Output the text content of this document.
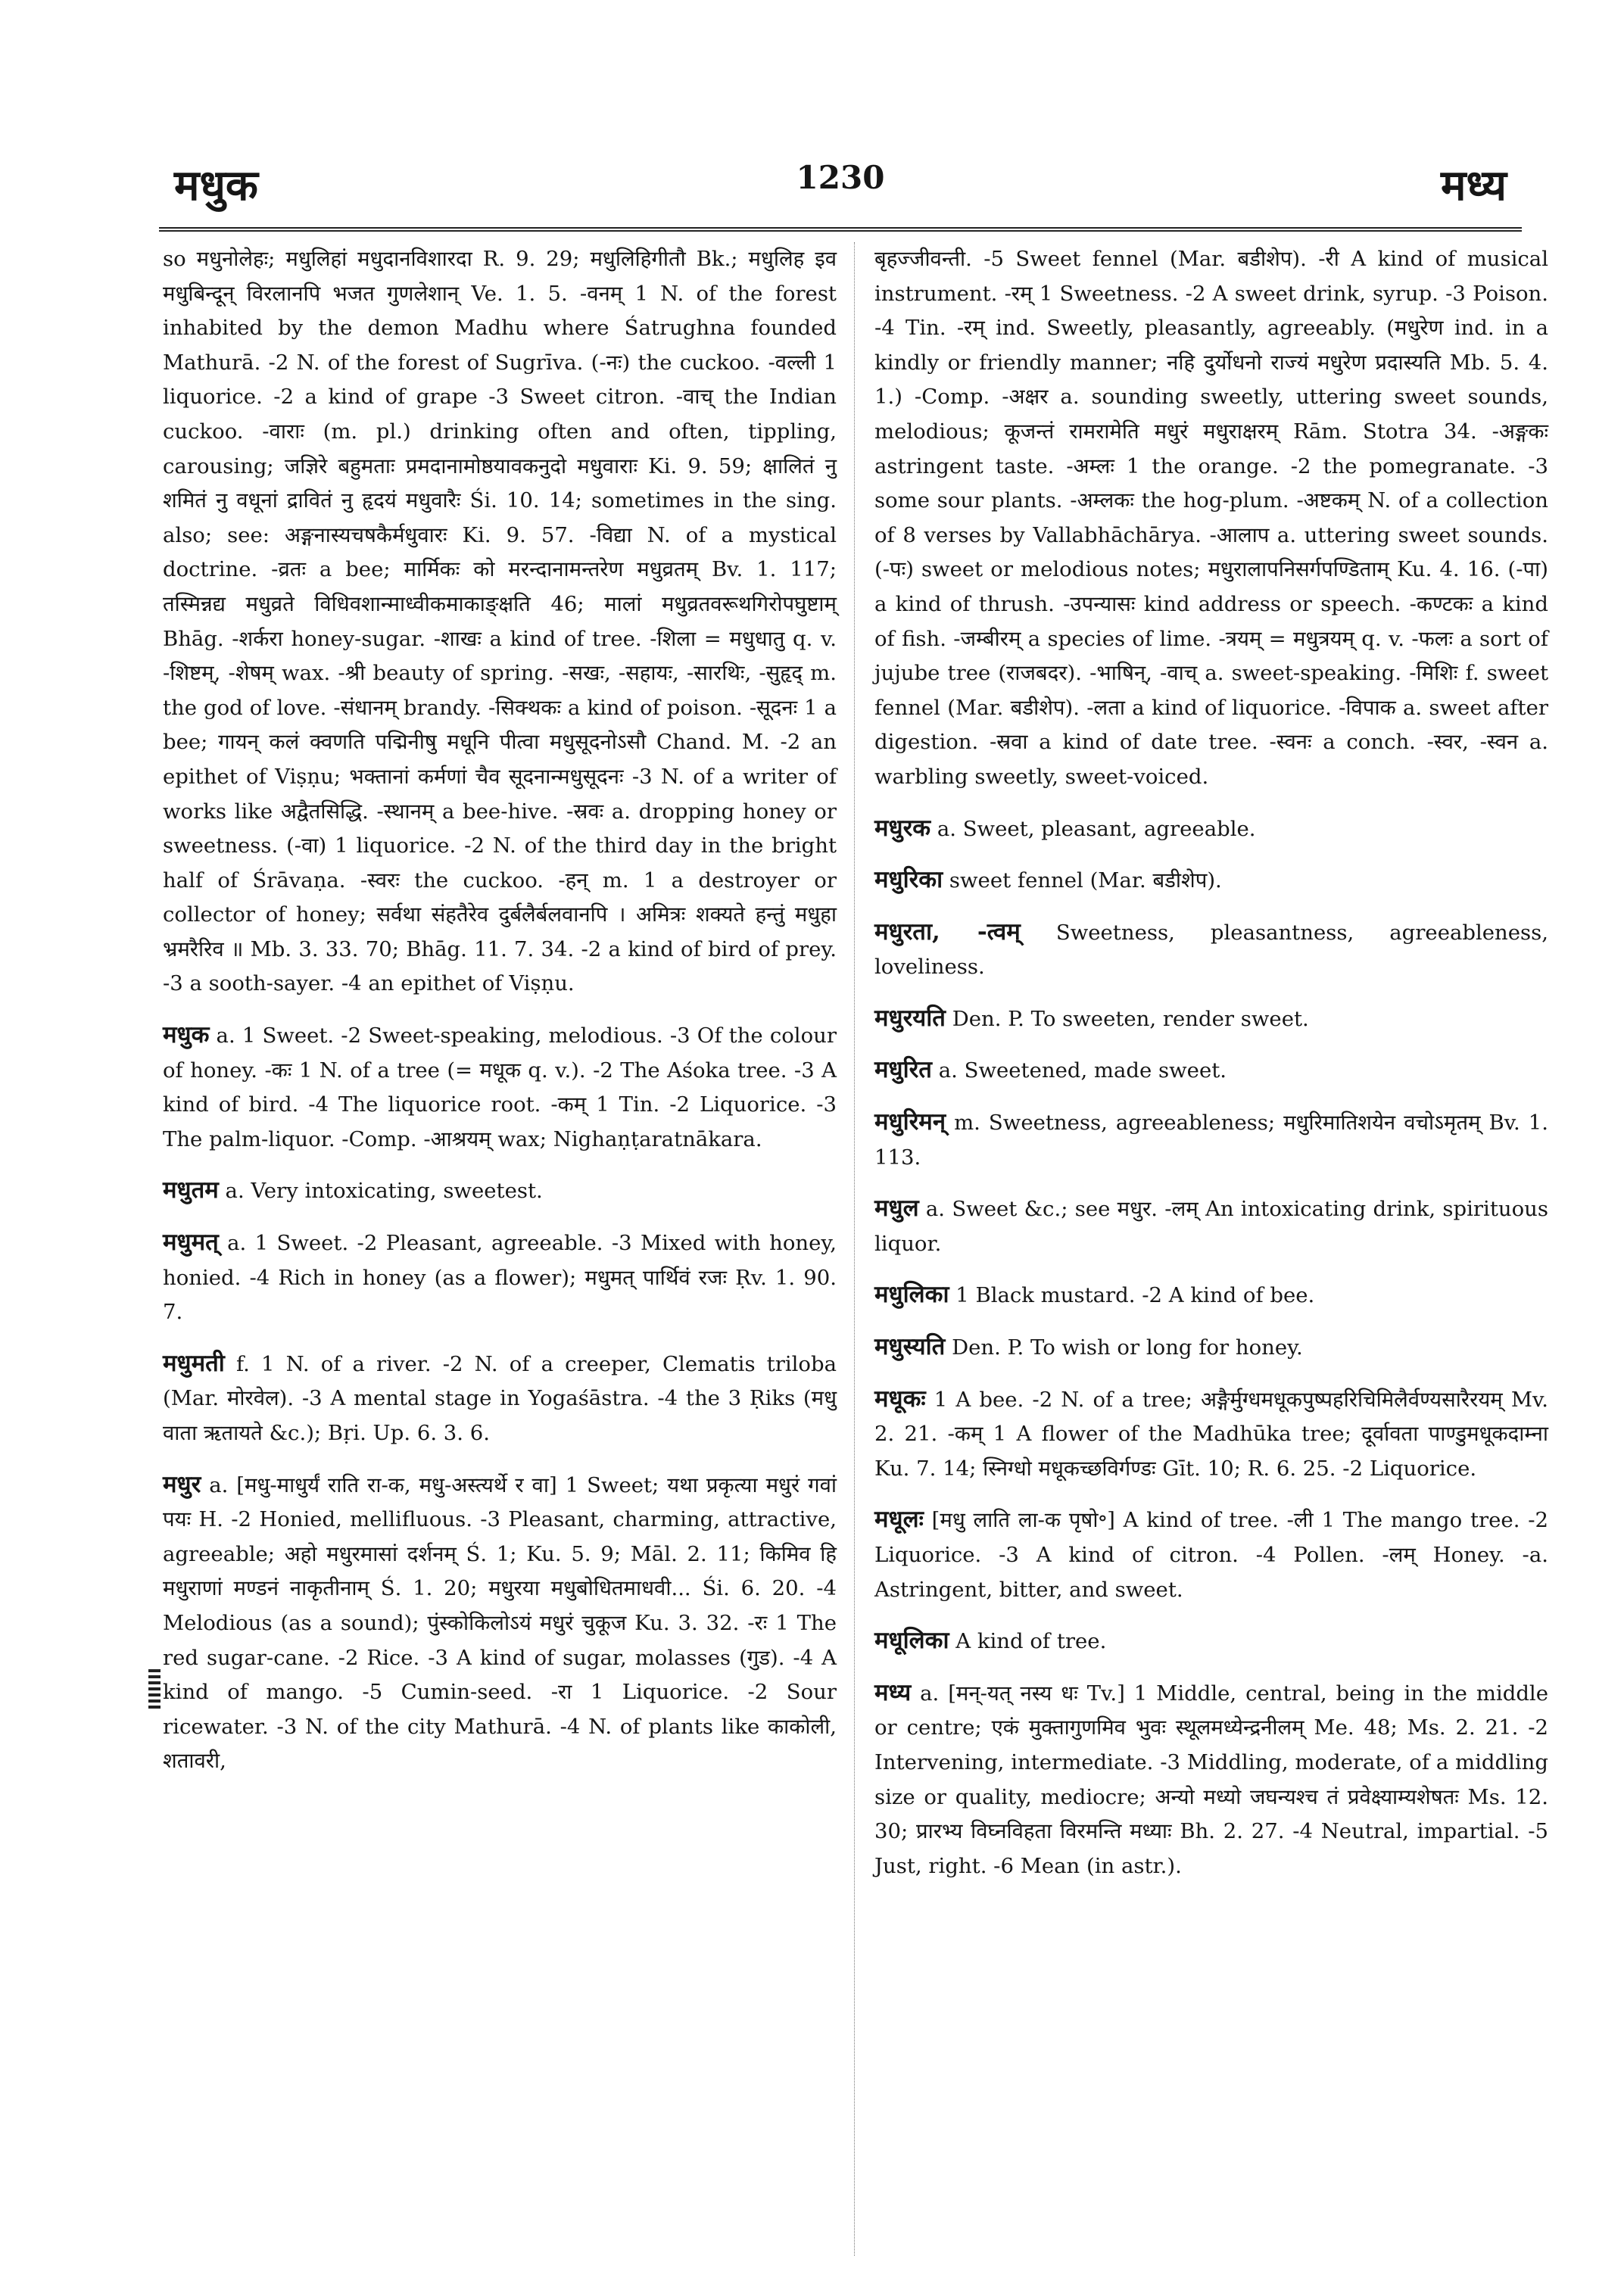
मधुक	1230	मध्य

so मधुनोलेहः; मधुलिहां मधुदानविशारदा R. 9. 29; मधुलिहिगीतौ Bk.; मधुलिह इव मधुबिन्दून् विरलानपि भजत गुणलेशान् Ve. 1. 5. -वनम् 1 N. of the forest inhabited by the demon Madhu where Śatrughna founded Mathurā. -2 N. of the forest of Sugrīva. (-नः) the cuckoo. -वल्ली 1 liquorice. -2 a kind of grape -3 Sweet citron. -वाच् the Indian cuckoo. -वाराः (m. pl.) drinking often and often, tippling, carousing; जज्ञिरे बहुमताः प्रमदानामोष्ठयावकनुदो मधुवाराः Ki. 9. 59; क्षालितं नु शमितं नु वधूनां द्रावितं नु हृदयं मधुवारैः Śi. 10. 14; sometimes in the sing. also; see: अङ्गनास्यचषकैर्मधुवारः Ki. 9. 57. -विद्या N. of a mystical doctrine. -व्रतः a bee; मार्मिकः को मरन्दानामन्तरेण मधुव्रतम् Bv. 1. 117; तस्मिन्नद्य मधुव्रते विधिवशान्माध्वीकमाकाङ्क्षति 46; मालां मधुव्रतवरूथगिरोपघुष्टाम् Bhāg. -शर्करा honey-sugar. -शाखः a kind of tree. -शिला = मधुधातु q. v. -शिष्टम्, -शेषम् wax. -श्री beauty of spring. -सखः, -सहायः, -सारथिः, -सुहृद् m. the god of love. -संधानम् brandy. -सिक्थकः a kind of poison. -सूदनः 1 a bee; गायन् कलं क्वणति पद्मिनीषु मधूनि पीत्वा मधुसूदनोऽसौ Chand. M. -2 an epithet of Viṣṇu; भक्तानां कर्मणां चैव सूदनान्मधुसूदनः -3 N. of a writer of works like अद्वैतसिद्धि. -स्थानम् a bee-hive. -स्रवः a. dropping honey or sweetness. (-वा) 1 liquorice. -2 N. of the third day in the bright half of Śrāvaṇa. -स्वरः the cuckoo. -हन् m. 1 a destroyer or collector of honey; सर्वथा संहतैरेव दुर्बलैर्बलवानपि । अमित्रः शक्यते हन्तुं मधुहा भ्रमरैरिव ॥ Mb. 3. 33. 70; Bhāg. 11. 7. 34. -2 a kind of bird of prey. -3 a sooth-sayer. -4 an epithet of Viṣṇu.

मधुक a. 1 Sweet. -2 Sweet-speaking, melodious. -3 Of the colour of honey. -कः 1 N. of a tree (= मधूक q. v.). -2 The Aśoka tree. -3 A kind of bird. -4 The liquorice root. -कम् 1 Tin. -2 Liquorice. -3 The palm-liquor. -Comp. -आश्रयम् wax; Nighaṇṭaratnākara.

मधुतम a. Very intoxicating, sweetest.

मधुमत् a. 1 Sweet. -2 Pleasant, agreeable. -3 Mixed with honey, honied. -4 Rich in honey (as a flower); मधुमत् पार्थिवं रजः Ṛv. 1. 90. 7.

मधुमती f. 1 N. of a river. -2 N. of a creeper, Clematis triloba (Mar. मोरवेल). -3 A mental stage in Yogaśāstra. -4 the 3 Ṛiks (मधु वाता ऋतायते &c.); Bṛi. Up. 6. 3. 6.

मधुर a. [मधु-माधुर्यं राति रा-क, मधु-अस्त्यर्थे र वा] 1 Sweet; यथा प्रकृत्या मधुरं गवां पयः H. -2 Honied, mellifluous. -3 Pleasant, charming, attractive, agreeable; अहो मधुरमासां दर्शनम् Ś. 1; Ku. 5. 9; Māl. 2. 11; किमिव हि मधुराणां मण्डनं नाकृतीनाम् Ś. 1. 20; मधुरया मधुबोधितमाधवी... Śi. 6. 20. -4 Melodious (as a sound); पुंस्कोकिलोऽयं मधुरं चुकूज Ku. 3. 32. -रः 1 The red sugar-cane. -2 Rice. -3 A kind of sugar, molasses (गुड). -4 A kind of mango. -5 Cumin-seed. -रा 1 Liquorice. -2 Sour ricewater. -3 N. of the city Mathurā. -4 N. of plants like काकोली, शतावरी,

बृहज्जीवन्ती. -5 Sweet fennel (Mar. बडीशेप). -री A kind of musical instrument. -रम् 1 Sweetness. -2 A sweet drink, syrup. -3 Poison. -4 Tin. -रम् ind. Sweetly, pleasantly, agreeably. (मधुरेण ind. in a kindly or friendly manner; नहि दुर्योधनो राज्यं मधुरेण प्रदास्यति Mb. 5. 4. 1.) -Comp. -अक्षर a. sounding sweetly, uttering sweet sounds, melodious; कूजन्तं रामरामेति मधुरं मधुराक्षरम् Rām. Stotra 34. -अङ्गकः astringent taste. -अम्लः 1 the orange. -2 the pomegranate. -3 some sour plants. -अम्लकः the hog-plum. -अष्टकम् N. of a collection of 8 verses by Vallabhāchārya. -आलाप a. uttering sweet sounds. (-पः) sweet or melodious notes; मधुरालापनिसर्गपण्डिताम् Ku. 4. 16. (-पा) a kind of thrush. -उपन्यासः kind address or speech. -कण्टकः a kind of fish. -जम्बीरम् a species of lime. -त्रयम् = मधुत्रयम् q. v. -फलः a sort of jujube tree (राजबदर). -भाषिन्, -वाच् a. sweet-speaking. -मिशिः f. sweet fennel (Mar. बडीशेप). -लता a kind of liquorice. -विपाक a. sweet after digestion. -स्रवा a kind of date tree. -स्वनः a conch. -स्वर, -स्वन a. warbling sweetly, sweet-voiced.

मधुरक a. Sweet, pleasant, agreeable.

मधुरिका sweet fennel (Mar. बडीशेप).

मधुरता, -त्वम् Sweetness, pleasantness, agreeableness, loveliness.

मधुरयति Den. P. To sweeten, render sweet.

मधुरित a. Sweetened, made sweet.

मधुरिमन् m. Sweetness, agreeableness; मधुरिमातिशयेन वचोऽमृतम् Bv. 1. 113.

मधुल a. Sweet &c.; see मधुर. -लम् An intoxicating drink, spirituous liquor.

मधुलिका 1 Black mustard. -2 A kind of bee.

मधुस्यति Den. P. To wish or long for honey.

मधूकः 1 A bee. -2 N. of a tree; अङ्गैर्मुग्धमधूकपुष्पहरिचिमिलैर्वण्यसारैरयम् Mv. 2. 21. -कम् 1 A flower of the Madhūka tree; दूर्वावता पाण्डुमधूकदाम्ना Ku. 7. 14; स्निग्धो मधूकच्छविर्गण्डः Gīt. 10; R. 6. 25. -2 Liquorice.

मधूलः [मधु लाति ला-क पृषो॰] A kind of tree. -ली 1 The mango tree. -2 Liquorice. -3 A kind of citron. -4 Pollen. -लम् Honey. -a. Astringent, bitter, and sweet.

मधूलिका A kind of tree.

मध्य a. [मन्-यत् नस्य धः Tv.] 1 Middle, central, being in the middle or centre; एकं मुक्तागुणमिव भुवः स्थूलमध्येन्द्रनीलम् Me. 48; Ms. 2. 21. -2 Intervening, intermediate. -3 Middling, moderate, of a middling size or quality, mediocre; अन्यो मध्यो जघन्यश्च तं प्रवेक्ष्याम्यशेषतः Ms. 12. 30; प्रारभ्य विघ्नविहता विरमन्ति मध्याः Bh. 2. 27. -4 Neutral, impartial. -5 Just, right. -6 Mean (in astr.).
